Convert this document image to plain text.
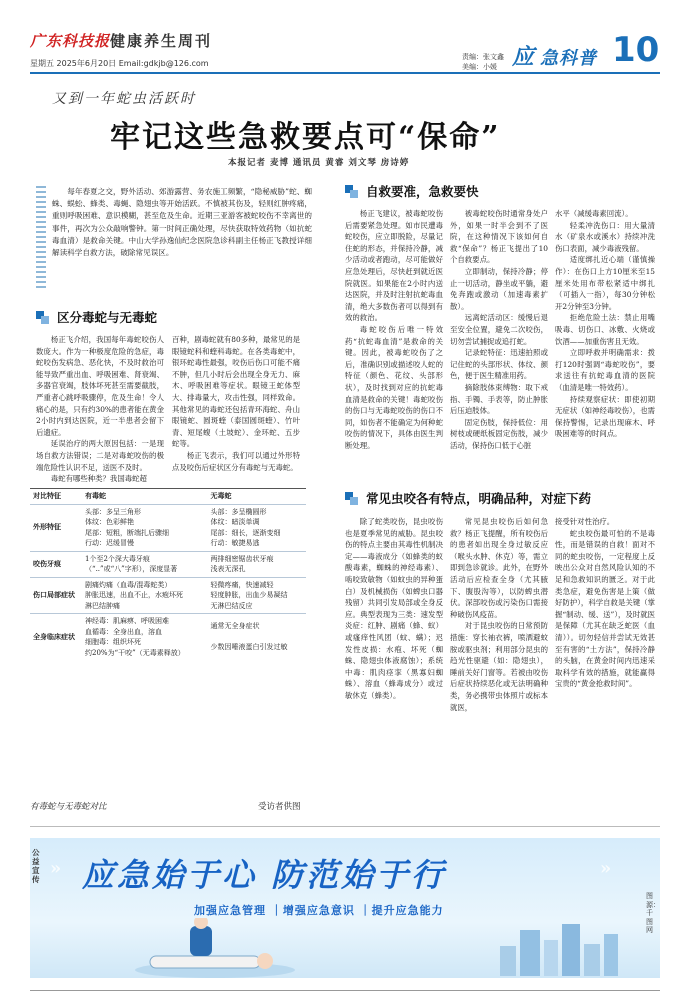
广东科技报 健康养生周刊
星期五 2025年6月20日 Email:gdkjb@126.com
责编：张文鑫
美编：小媛 应 急科普 10
又到一年蛇虫活跃时
牢记这些急救要点可“保命”
本报记者 麦博 通讯员 黄睿 刘文琴 房诗婷
每年春夏之交，野外活动、郊游露营、务农施工频繁，“隐秘威胁”蛇、蜘蛛、蜈蚣、蜂类、毒蝇、隐翅虫等开始活跃。不慎被其伤及，轻则红肿疼痛，重则呼吸困难、意识模糊，甚至危及生命。近期三亚游客被蛇咬伤不幸离世的事件，再次为公众敲响警钟。第一时间正确处理，尽快获取特效药物（如抗蛇毒血清）是救命关键。中山大学孙逸仙纪念医院急诊科副主任杨正飞教授详细解读科学自救方法，破除常见误区。
区分毒蛇与无毒蛇

杨正飞介绍，我国每年毒蛇咬伤人数庞大。作为一种极度危险的急症，毒蛇咬伤发病急、恶化快，不及时救治可能导致严重出血、呼吸困难、肾衰竭、多器官衰竭，肢体坏死甚至需要截肢，严重者心跳呼吸骤停，危及生命！令人痛心的是，只有约30%的患者能在黄金2小时内到达医院，近一半患者会留下后遗症。

延误治疗的两大原因包括：一是现场自救方法错误；二是对毒蛇咬伤的极端危险性认识不足，送医不及时。

毒蛇有哪些种类？我国毒蛇超

百种，剧毒蛇就有80多种，最常见的是眼镜蛇科和蝰科毒蛇。在各类毒蛇中，银环蛇毒性最强，咬伤后伤口可能不痛不肿，但几小时后会出现全身无力、麻木、呼吸困难等症状。眼镜王蛇体型大、排毒量大，攻击性强，同样致命。其他常见的毒蛇还包括青环海蛇、舟山眼镜蛇、圆斑蝰（泰国圆斑蝰）、竹叶青、短尾蝮（土坡蛇）、金环蛇、五步蛇等。

杨正飞表示，我们可以通过外形特点及咬伤后症状区分有毒蛇与无毒蛇。

自救要准，急救要快

杨正飞建议，被毒蛇咬伤后需要紧急处理。如市民遭毒蛇咬伤，应立即脱险，尽量记住蛇的形态，并保持冷静，减少活动或者跑动，尽可能做好应急处理后，尽快赶到就近医院就医。如果能在2小时内送达医院，并及时注射抗蛇毒血清，绝大多数伤者可以得到有效的救治。

毒蛇咬伤后唯一特效药“抗蛇毒血清”是救命的关键。因此，被毒蛇咬伤了之后，准确识别或描述咬人蛇的特征（颜色、花纹、头部形状），及时找到对应的抗蛇毒血清是救命的关键！毒蛇咬伤的伤口与无毒蛇咬伤的伤口不同，如伤者不能确定为何种蛇咬伤的情况下，具体由医生判断处理。

被毒蛇咬伤时通常身处户外，如果一时半会到不了医院，在这种情况下该如何自救“保命”？杨正飞提出了10个自救要点。

立即制动，保持冷静；停止一切活动，静坐或平躺，避免奔跑或激动（加速毒素扩散）。

远离蛇活动区：缓慢后退至安全位置，避免二次咬伤，切勿尝试捕捉或追打蛇。

记录蛇特征：迅速拍照或记住蛇的头部形状、体纹、颜色，便于医生精准用药。

摘除肢体束缚物：取下戒指、手镯、手表等，防止肿胀后压迫肢体。

固定伤肢，保持低位：用树枝或硬纸板固定伤肢，减少活动，保持伤口低于心脏

水平（减缓毒素回流）。

轻柔冲洗伤口：用大量清水（矿泉水或溪水）持续冲洗伤口表面，减少毒液残留。

适度绑扎近心端（谨慎操作）：在伤口上方10厘米至15厘米处用布带松紧适中绑扎（可插入一指），每30分钟松开2分钟至3分钟。

拒绝危险土法：禁止用嘴吸毒、切伤口、冰敷、火烧或饮酒——加重伤害且无效。

立即呼救并明确需求：拨打120时强调“毒蛇咬伤”，要求送往有抗蛇毒血清的医院（血清是唯一特效药）。

持续观察症状：即使初期无症状（如神经毒咬伤），也需保持警惕，记录出现麻木、呼吸困难等的时间点。

对比特征	有毒蛇	无毒蛇
外形特征	头部：多呈三角形
体纹：色彩鲜艳
尾部：短粗，断端扎后骤细
行动：迟缓冒慢	头部：多呈椭圆形
体纹：暗淡单调
尾部：细长，逐渐变细
行动：敏捷易逃
咬伤牙痕	1个至2个深大毒牙痕
（“..”或“八”字形），深度显著	两排细密锯齿状牙痕
浅表无深孔
伤口局部症状	剧痛灼痛（血毒/混毒蛇类）
肿胀迅速，出血不止，水疱坏死
淋巴结肿痛	轻微疼痛，快速减轻
轻度肿胀，出血少易凝结
无淋巴结反应
全身临床症状	神经毒：肌麻痹、呼吸困难
血循毒：全身出血，溶血
细胞毒：组织坏死
约20%为“干咬”（无毒素释放）	通常无全身症状

少数因唾液蛋白引发过敏
有毒蛇与无毒蛇对比	受访者供图
常见虫咬各有特点，明确品种，对症下药

除了蛇类咬伤，昆虫咬伤也是夏季常见的威胁。昆虫咬伤的特点主要由其毒性机制决定——毒液成分（如蜂类的蚁酸毒素，蜘蛛的神经毒素）、啮咬致敏物（如蚊虫的异种蛋白）及机械损伤（如蜱虫口器残留）共同引发局部或全身反应。典型表现为三类：速发型炎症：红肿、剧痛（蜂、蚁）或瘙痒性风团（蚊、螨）；迟发性皮损：水疱、坏死（蜘蛛、隐翅虫体液腐蚀）；系统中毒：肌肉痉挛（黑寡妇蜘蛛）、溶血（蜂毒成分）或过敏休克（蜂类）。

常见昆虫咬伤后如何急救？杨正飞提醒，所有咬伤后的患者如出现全身过敏反应（喉头水肿、休克）等，需立即到急诊就诊。此外，在野外活动后应检查全身（尤其腋下、腹股沟等），以防蜱虫潜伏。深部咬伤或污染伤口需接种破伤风疫苗。

对于昆虫咬伤的日常预防措施：穿长袖衣裤，喷洒避蚊胺或驱虫剂；利用部分昆虫的趋光性驱避（如：隐翅虫），睡前关好门窗等。若被由咬伤后症状持续恶化或无法明确种类，务必携带虫体照片或标本就医，

接受针对性治疗。

蛇虫咬伤最可怕的不是毒性，而是错误的自救！面对不同的蛇虫咬伤，一定程度上反映出公众对自然风险认知的不足和急救知识的匮乏。对于此类急症，避免伤害是上策（做好防护），科学自救是关键（掌握“制动、缓、送”），及时就医是保障（尤其在缺乏蛇医（血清））。切勿轻信并尝试无效甚至有害的“土方法”，保持冷静的头脑，在黄金时间内迅速采取科学有效的措施，就能赢得宝贵的“黄金抢救时间”。

»	»
公益宣传 应急始于心 防范始于行
加强应急管理 ｜增强应急意识 ｜提升应急能力
图源：千图网
